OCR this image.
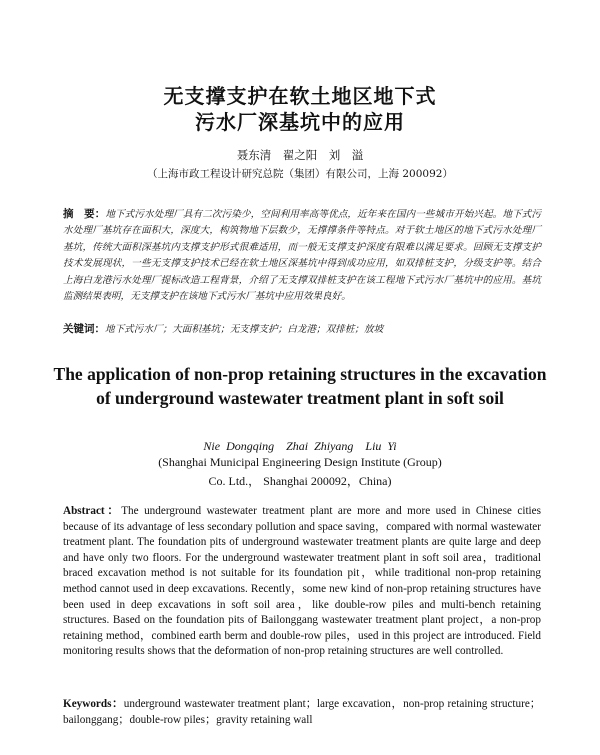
无支撑支护在软土地区地下式
污水厂深基坑中的应用
聂东清　翟之阳　刘　溢
（上海市政工程设计研究总院（集团）有限公司，上海 200092）
摘　要：地下式污水处理厂具有二次污染少，空间利用率高等优点，近年来在国内一些城市开始兴起。地下式污水处理厂基坑存在面积大，深度大，构筑物地下层数少，无撑撑条件等特点。对于软土地区的地下式污水处理厂基坑，传统大面积深基坑内支撑支护形式很难适用，而一般无支撑支护深度有限难以满足要求。回顾无支撑支护技术发展现状，一些无支撑支护技术已经在软土地区深基坑中得到成功应用，如双排桩支护，分级支护等。结合上海白龙港污水处理厂提标改造工程背景，介绍了无支撑双排桩支护在该工程地下式污水厂基坑中的应用。基坑监测结果表明，无支撑支护在该地下式污水厂基坑中应用效果良好。
关键词：地下式污水厂；大面积基坑；无支撑支护；白龙港；双排桩；放坡
The application of non-prop retaining structures in the excavation
of underground wastewater treatment plant in soft soil
Nie Dongqing　Zhai Zhiyang　Liu Yi
(Shanghai Municipal Engineering Design Institute (Group)
Co. Ltd.， Shanghai 200092，China)
Abstract：The underground wastewater treatment plant are more and more used in Chinese cities because of its advantage of less secondary pollution and space saving，compared with normal wastewater treatment plant. The foundation pits of underground wastewater treatment plants are quite large and deep and have only two floors. For the underground wastewater treatment plant in soft soil area，traditional braced excavation method is not suitable for its foundation pit，while traditional non-prop retaining method cannot used in deep excavations. Recently，some new kind of non-prop retaining structures have been used in deep excavations in soft soil area，like double-row piles and multi-bench retaining structures. Based on the foundation pits of Bailonggang wastewater treatment plant project，a non-prop retaining method，combined earth berm and double-row piles，used in this project are introduced. Field monitoring results shows that the deformation of non-prop retaining structures are well controlled.
Keywords：underground wastewater treatment plant；large excavation，non-prop retaining structure；bailonggang；double-row piles；gravity retaining wall
